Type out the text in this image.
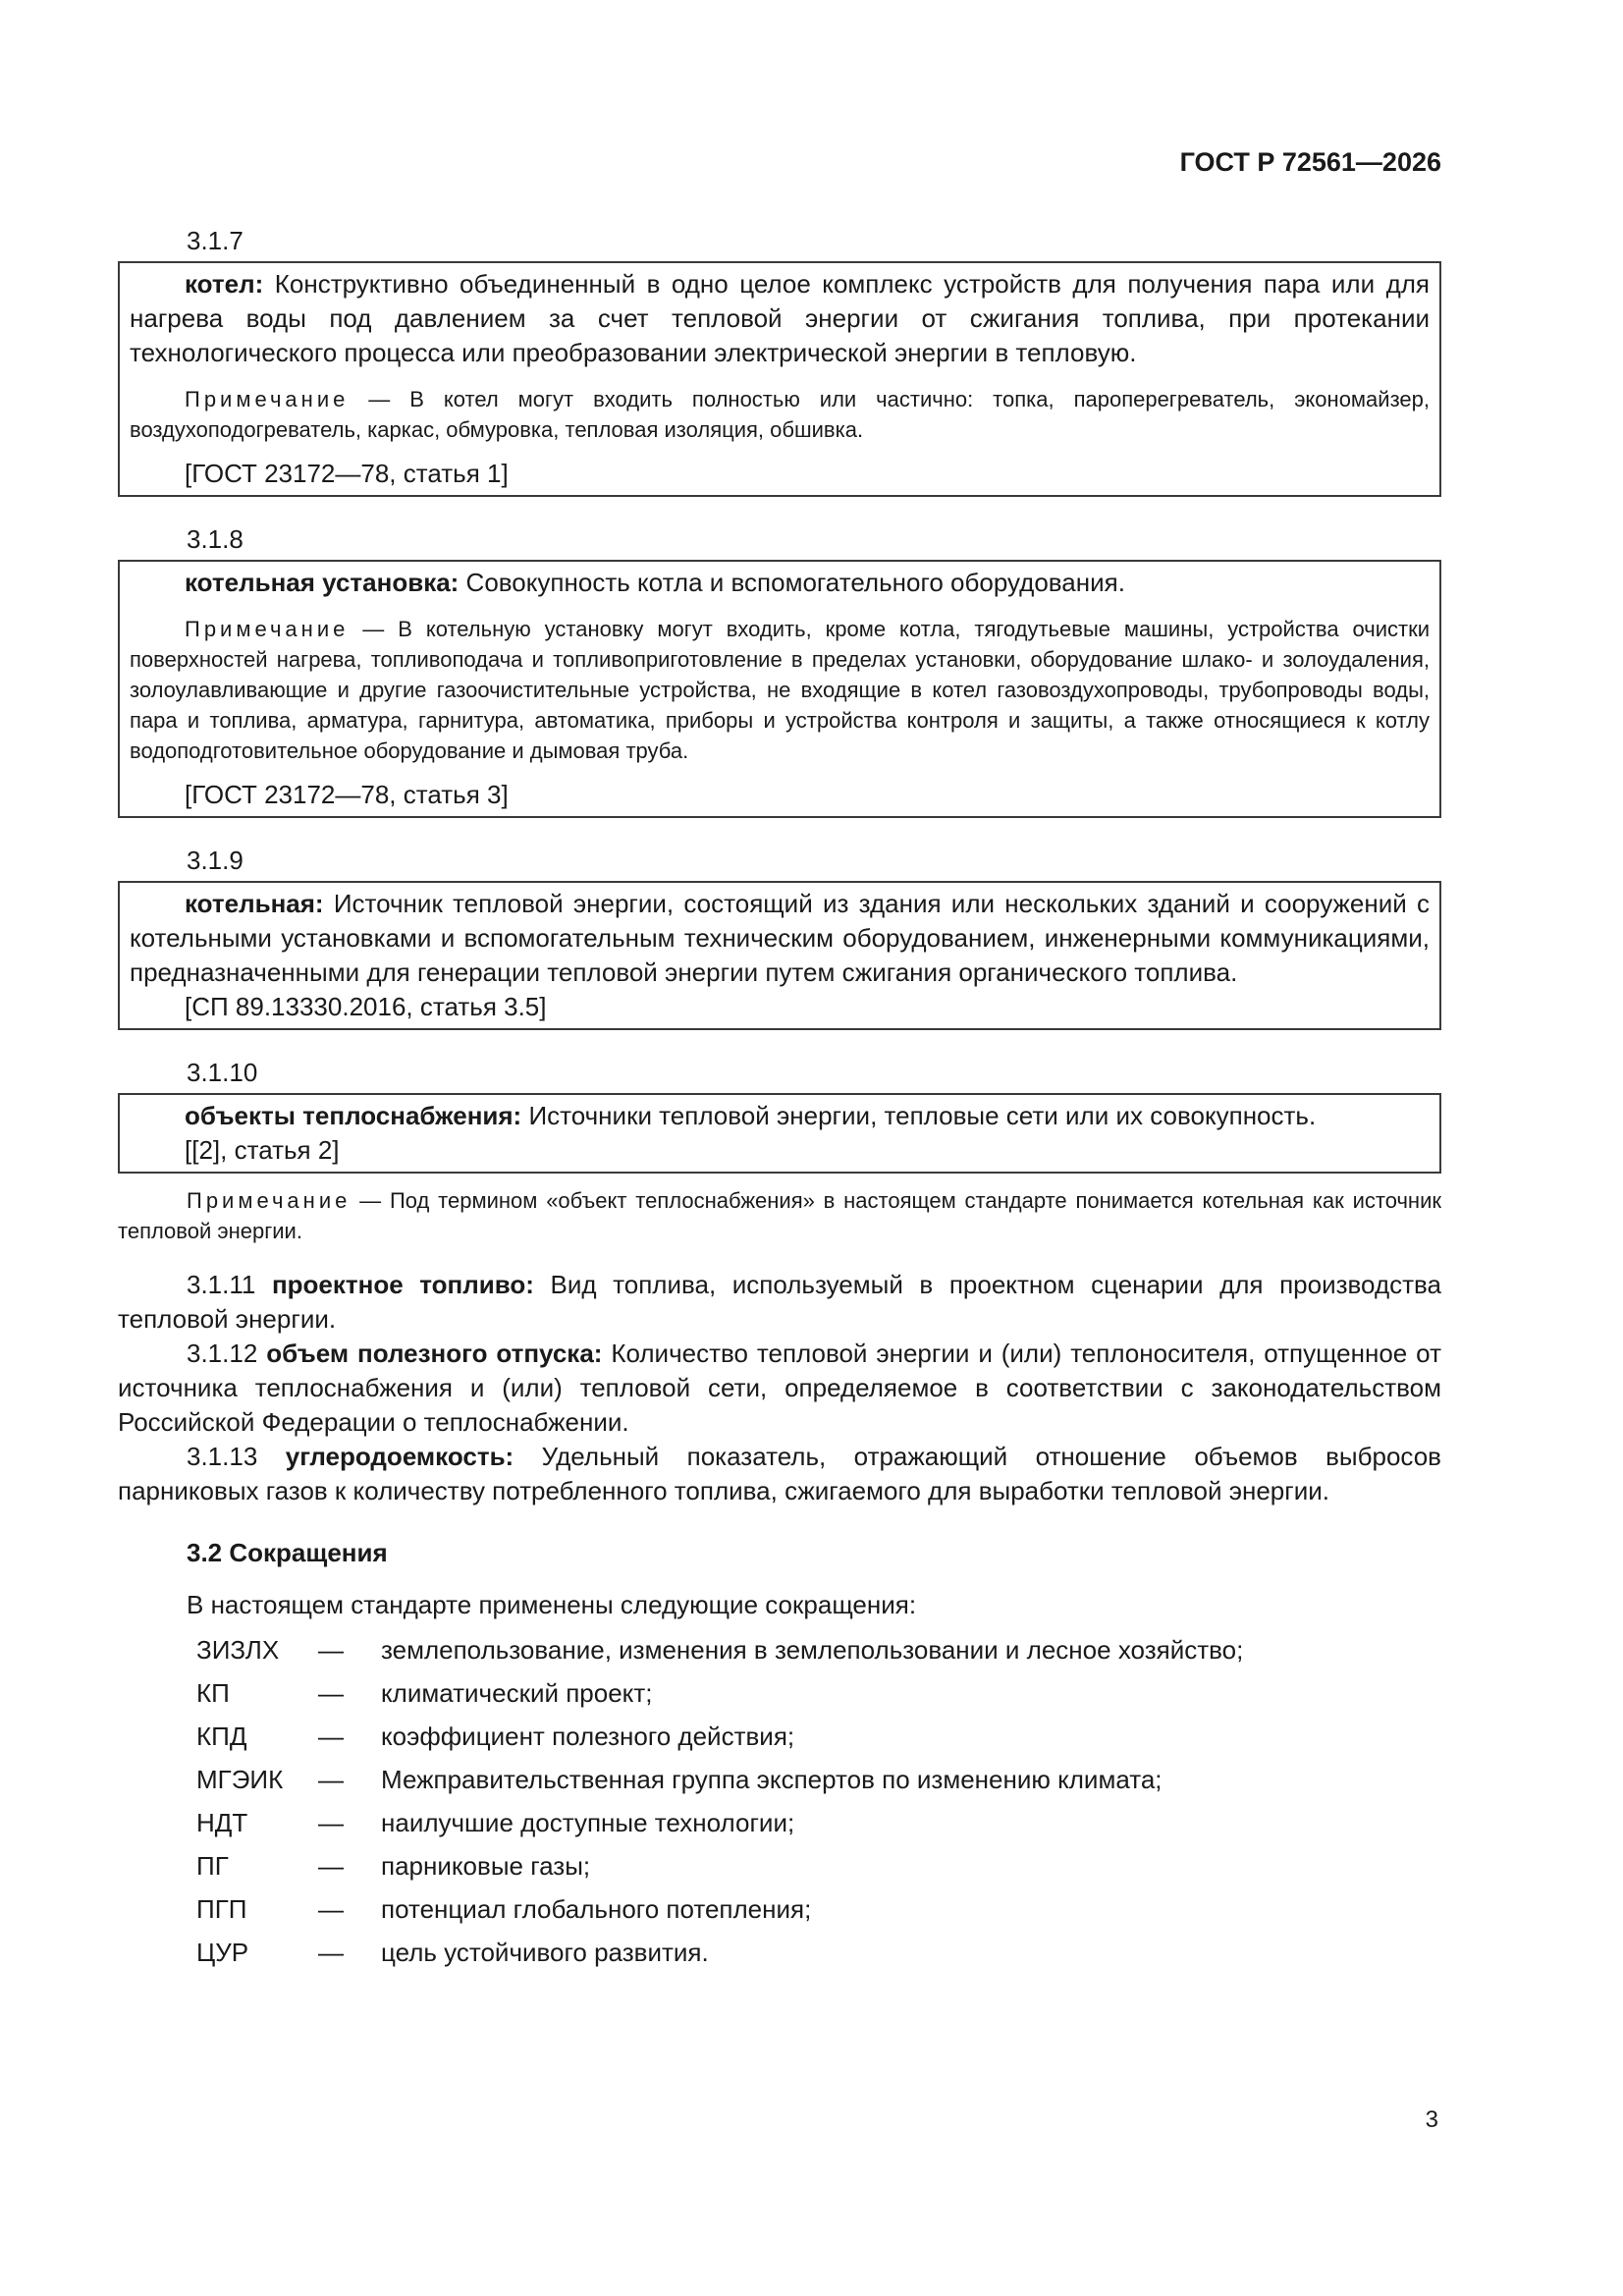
ГОСТ Р 72561—2026
3.1.7

котел: Конструктивно объединенный в одно целое комплекс устройств для получения пара или для нагрева воды под давлением за счет тепловой энергии от сжигания топлива, при протекании технологического процесса или преобразовании электрической энергии в тепловую.

Примечание — В котел могут входить полностью или частично: топка, пароперегреватель, экономайзер, воздухоподогреватель, каркас, обмуровка, тепловая изоляция, обшивка.
[ГОСТ 23172—78, статья 1]
3.1.8

котельная установка: Совокупность котла и вспомогательного оборудования.

Примечание — В котельную установку могут входить, кроме котла, тягодутьевые машины, устройства очистки поверхностей нагрева, топливоподача и топливоприготовление в пределах установки, оборудование шлако- и золоудаления, золоулавливающие и другие газоочистительные устройства, не входящие в котел газовоздухопроводы, трубопроводы воды, пара и топлива, арматура, гарнитура, автоматика, приборы и устройства контроля и защиты, а также относящиеся к котлу водоподготовительное оборудование и дымовая труба.
[ГОСТ 23172—78, статья 3]
3.1.9

котельная: Источник тепловой энергии, состоящий из здания или нескольких зданий и сооружений с котельными установками и вспомогательным техническим оборудованием, инженерными коммуникациями, предназначенными для генерации тепловой энергии путем сжигания органического топлива.

[СП 89.13330.2016, статья 3.5]
3.1.10

объекты теплоснабжения: Источники тепловой энергии, тепловые сети или их совокупность.

[[2], статья 2]
Примечание — Под термином «объект теплоснабжения» в настоящем стандарте понимается котельная как источник тепловой энергии.

3.1.11 проектное топливо: Вид топлива, используемый в проектном сценарии для производства тепловой энергии.

3.1.12 объем полезного отпуска: Количество тепловой энергии и (или) теплоносителя, отпущенное от источника теплоснабжения и (или) тепловой сети, определяемое в соответствии с законодательством Российской Федерации о теплоснабжении.

3.1.13 углеродоемкость: Удельный показатель, отражающий отношение объемов выбросов парниковых газов к количеству потребленного топлива, сжигаемого для выработки тепловой энергии.

3.2 Сокращения
В настоящем стандарте применены следующие сокращения:
ЗИЗЛХ	—	землепользование, изменения в землепользовании и лесное хозяйство;
КП	—	климатический проект;
КПД	—	коэффициент полезного действия;
МГЭИК	—	Межправительственная группа экспертов по изменению климата;
НДТ	—	наилучшие доступные технологии;
ПГ	—	парниковые газы;
ПГП	—	потенциал глобального потепления;
ЦУР	—	цель устойчивого развития.
3
